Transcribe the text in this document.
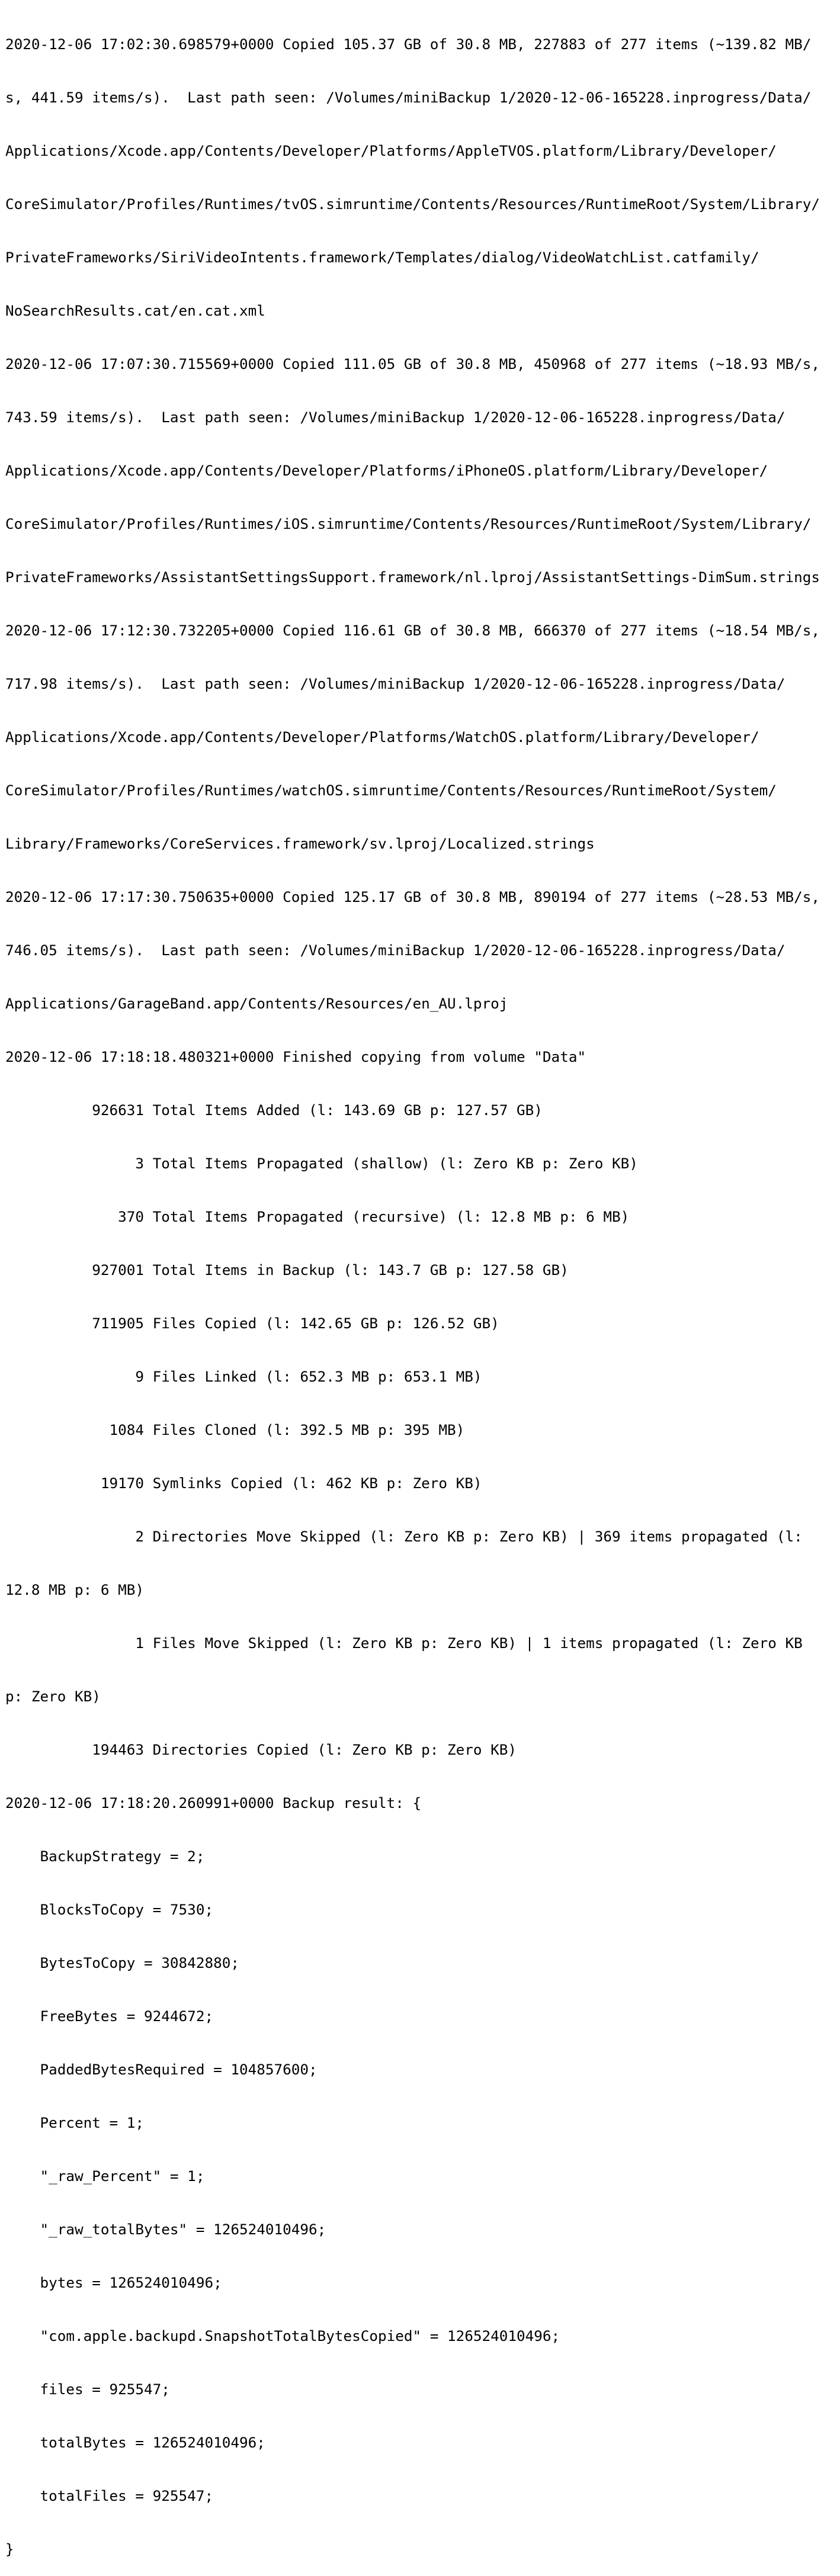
2020-12-06 17:02:30.698579+0000 Copied 105.37 GB of 30.8 MB, 227883 of 277 items (~139.82 MB/

s, 441.59 items/s).  Last path seen: /Volumes/miniBackup 1/2020-12-06-165228.inprogress/Data/

Applications/Xcode.app/Contents/Developer/Platforms/AppleTVOS.platform/Library/Developer/

CoreSimulator/Profiles/Runtimes/tvOS.simruntime/Contents/Resources/RuntimeRoot/System/Library/

PrivateFrameworks/SiriVideoIntents.framework/Templates/dialog/VideoWatchList.catfamily/

NoSearchResults.cat/en.cat.xml

2020-12-06 17:07:30.715569+0000 Copied 111.05 GB of 30.8 MB, 450968 of 277 items (~18.93 MB/s,

743.59 items/s).  Last path seen: /Volumes/miniBackup 1/2020-12-06-165228.inprogress/Data/

Applications/Xcode.app/Contents/Developer/Platforms/iPhoneOS.platform/Library/Developer/

CoreSimulator/Profiles/Runtimes/iOS.simruntime/Contents/Resources/RuntimeRoot/System/Library/

PrivateFrameworks/AssistantSettingsSupport.framework/nl.lproj/AssistantSettings-DimSum.strings

2020-12-06 17:12:30.732205+0000 Copied 116.61 GB of 30.8 MB, 666370 of 277 items (~18.54 MB/s,

717.98 items/s).  Last path seen: /Volumes/miniBackup 1/2020-12-06-165228.inprogress/Data/

Applications/Xcode.app/Contents/Developer/Platforms/WatchOS.platform/Library/Developer/

CoreSimulator/Profiles/Runtimes/watchOS.simruntime/Contents/Resources/RuntimeRoot/System/

Library/Frameworks/CoreServices.framework/sv.lproj/Localized.strings

2020-12-06 17:17:30.750635+0000 Copied 125.17 GB of 30.8 MB, 890194 of 277 items (~28.53 MB/s,

746.05 items/s).  Last path seen: /Volumes/miniBackup 1/2020-12-06-165228.inprogress/Data/

Applications/GarageBand.app/Contents/Resources/en_AU.lproj

2020-12-06 17:18:18.480321+0000 Finished copying from volume "Data"

926631 Total Items Added (l: 143.69 GB p: 127.57 GB)

3 Total Items Propagated (shallow) (l: Zero KB p: Zero KB)

370 Total Items Propagated (recursive) (l: 12.8 MB p: 6 MB)

927001 Total Items in Backup (l: 143.7 GB p: 127.58 GB)

711905 Files Copied (l: 142.65 GB p: 126.52 GB)

9 Files Linked (l: 652.3 MB p: 653.1 MB)

1084 Files Cloned (l: 392.5 MB p: 395 MB)

19170 Symlinks Copied (l: 462 KB p: Zero KB)

2 Directories Move Skipped (l: Zero KB p: Zero KB) | 369 items propagated (l:

12.8 MB p: 6 MB)

1 Files Move Skipped (l: Zero KB p: Zero KB) | 1 items propagated (l: Zero KB

p: Zero KB)

194463 Directories Copied (l: Zero KB p: Zero KB)

2020-12-06 17:18:20.260991+0000 Backup result: {

BackupStrategy = 2;

BlocksToCopy = 7530;

BytesToCopy = 30842880;

FreeBytes = 9244672;

PaddedBytesRequired = 104857600;

Percent = 1;

"_raw_Percent" = 1;

"_raw_totalBytes" = 126524010496;

bytes = 126524010496;

"com.apple.backupd.SnapshotTotalBytesCopied" = 126524010496;

files = 925547;

totalBytes = 126524010496;

totalFiles = 925547;

}
